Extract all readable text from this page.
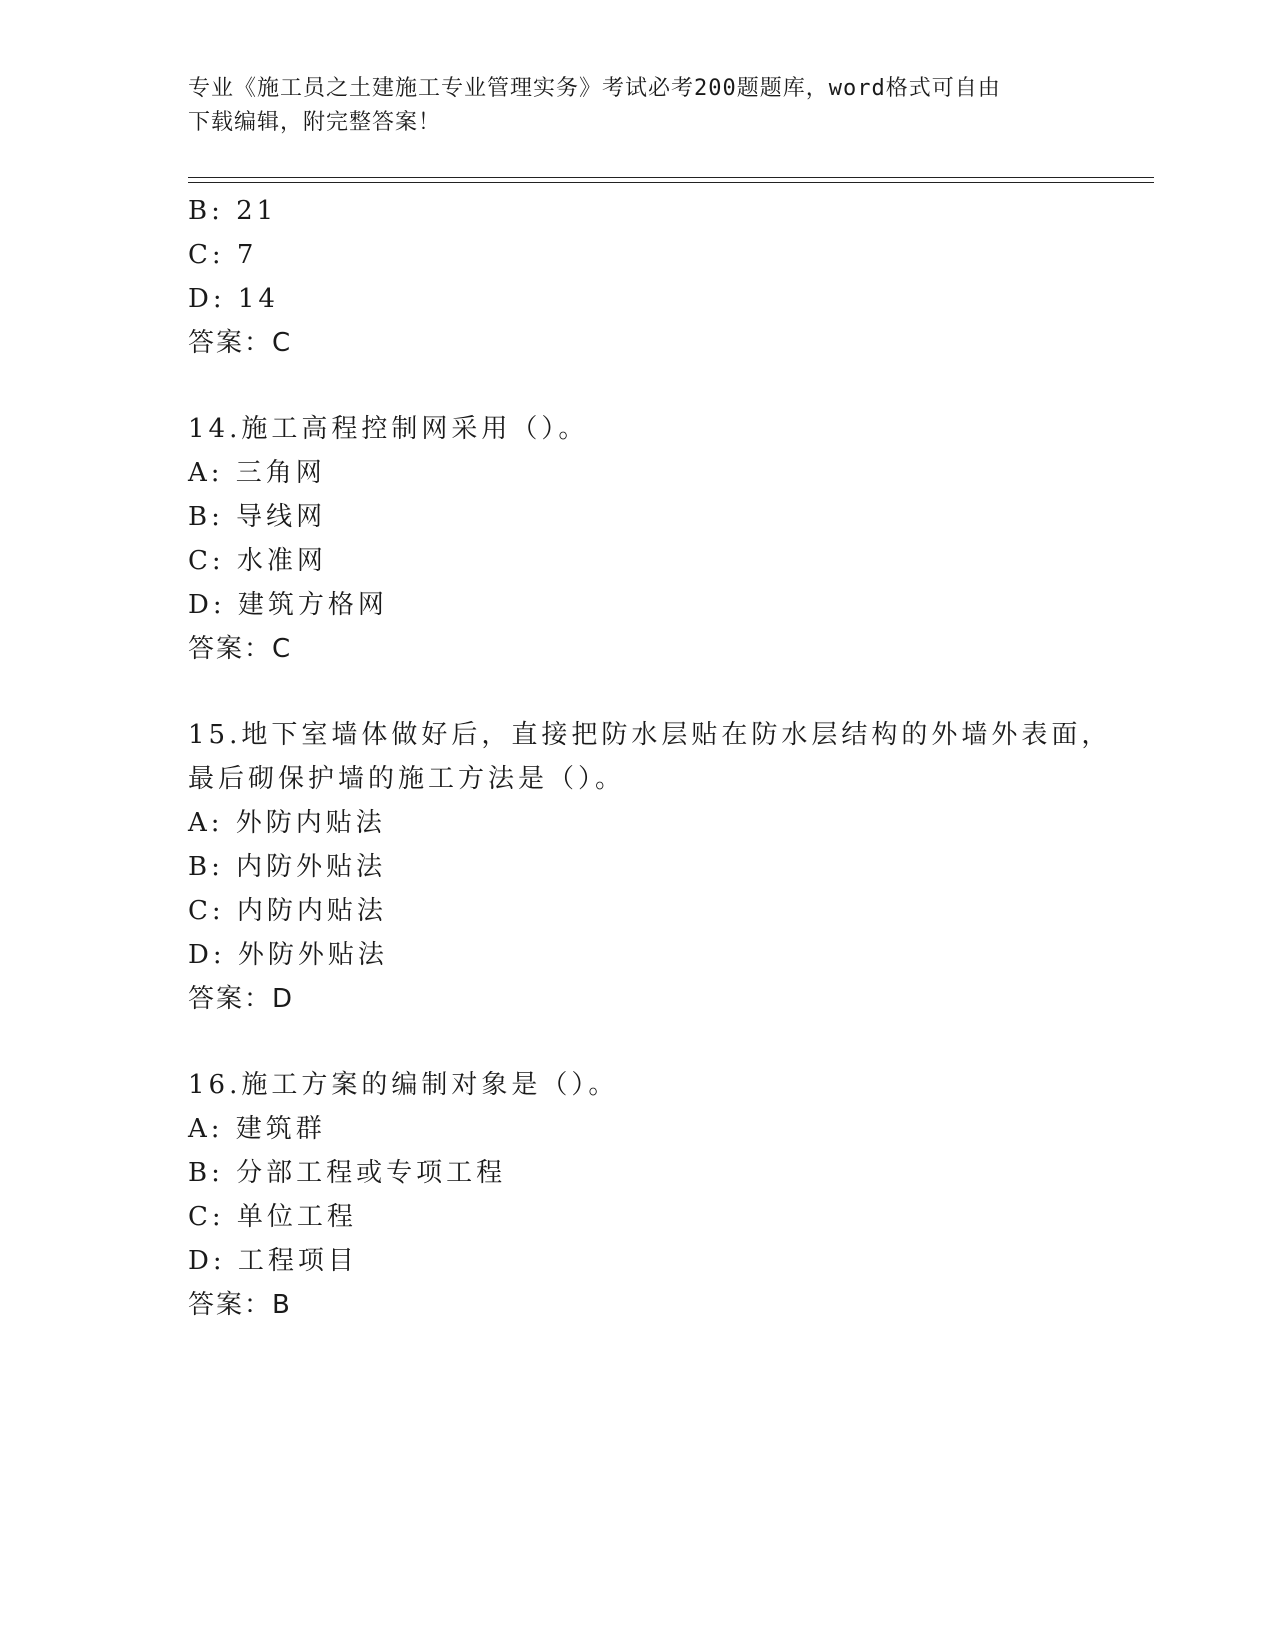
专业《施工员之土建施工专业管理实务》考试必考200题题库，word格式可自由
下载编辑，附完整答案！
B: 21
C: 7
D: 14
答案：C
14.施工高程控制网采用（）。
A: 三角网
B: 导线网
C: 水准网
D: 建筑方格网
答案：C
15.地下室墙体做好后，直接把防水层贴在防水层结构的外墙外表面，
最后砌保护墙的施工方法是（）。
A: 外防内贴法
B: 内防外贴法
C: 内防内贴法
D: 外防外贴法
答案：D
16.施工方案的编制对象是（）。
A: 建筑群
B: 分部工程或专项工程
C: 单位工程
D: 工程项目
答案：B
